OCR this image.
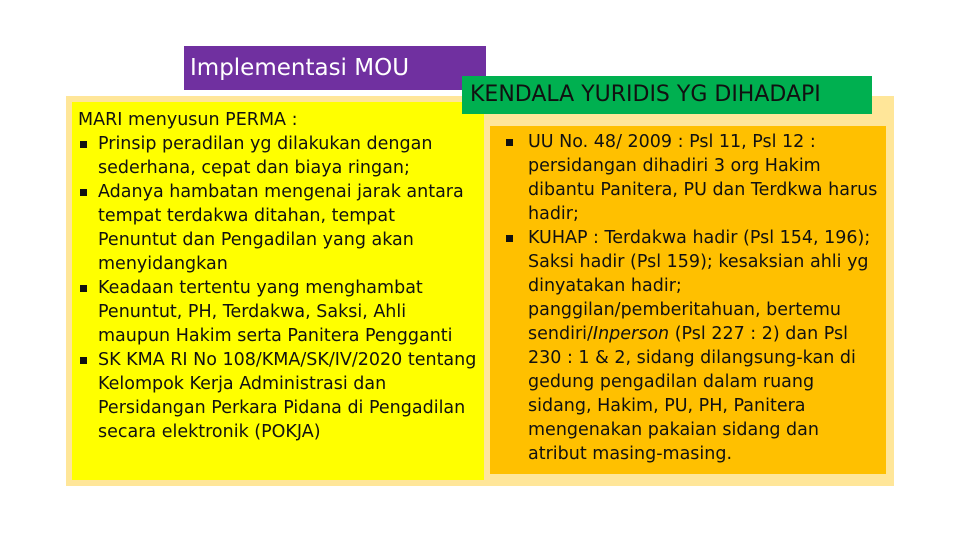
Implementasi MOU
KENDALA YURIDIS YG DIHADAPI

MARI menyusun PERMA :

Prinsip peradilan yg dilakukan dengan sederhana, cepat dan biaya ringan;
Adanya hambatan mengenai jarak antara tempat terdakwa ditahan, tempat Penuntut dan Pengadilan yang akan menyidangkan
Keadaan tertentu yang menghambat Penuntut, PH, Terdakwa, Saksi, Ahli maupun Hakim serta Panitera Pengganti
SK KMA RI No 108/KMA/SK/IV/2020 tentang Kelompok Kerja Administrasi dan Persidangan Perkara Pidana di Pengadilan secara elektronik (POKJA)
UU No. 48/ 2009 : Psl 11, Psl 12 : persidangan dihadiri 3 org Hakim dibantu Panitera, PU dan Terdkwa harus hadir;
KUHAP : Terdakwa hadir (Psl 154, 196); Saksi hadir (Psl 159); kesaksian ahli yg dinyatakan hadir; panggilan/pemberitahuan, bertemu sendiri/Inperson (Psl 227 : 2) dan Psl 230 : 1 & 2, sidang dilangsung-kan di gedung pengadilan dalam ruang sidang, Hakim, PU, PH, Panitera mengenakan pakaian sidang dan atribut masing-masing.
